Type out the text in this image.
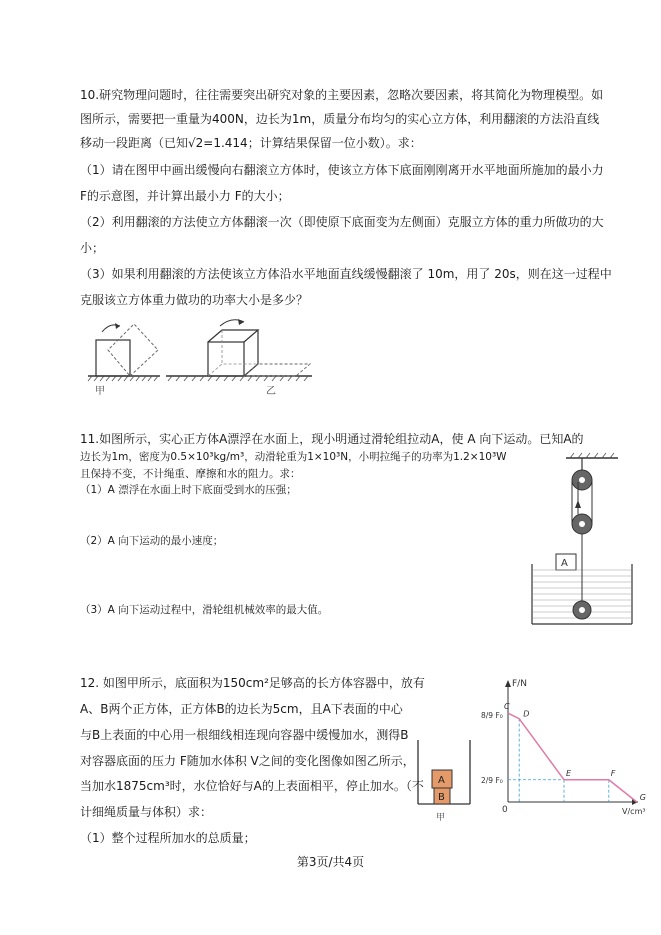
10.研究物理问题时，往往需要突出研究对象的主要因素，忽略次要因素，将其简化为物理模型。如
图所示，需要把一重量为400N，边长为1m，质量分布均匀的实心立方体，利用翻滚的方法沿直线
移动一段距离（已知√2=1.414；计算结果保留一位小数）。求：
（1）请在图甲中画出缓慢向右翻滚立方体时，使该立方体下底面刚刚离开水平地面所施加的最小力
F的示意图，并计算出最小力 F的大小；
（2）利用翻滚的方法使立方体翻滚一次（即使原下底面变为左侧面）克服立方体的重力所做功的大
小；
（3）如果利用翻滚的方法使该立方体沿水平地面直线缓慢翻滚了 10m，用了 20s，则在这一过程中
克服该立方体重力做功的功率大小是多少？
甲	乙
11.如图所示，实心正方体A漂浮在水面上，现小明通过滑轮组拉动A，使 A 向下运动。已知A的
边长为1m，密度为0.5×10³kg/m³，动滑轮重为1×10³N，小明拉绳子的功率为1.2×10³W
且保持不变，不计绳重、摩擦和水的阻力。求：
（1）A 漂浮在水面上时下底面受到水的压强；
（2）A 向下运动的最小速度；
（3）A 向下运动过程中，滑轮组机械效率的最大值。
A
12. 如图甲所示，底面积为150cm²足够高的长方体容器中，放有
A、B两个正方体，正方体B的边长为5cm，且A下表面的中心
与B上表面的中心用一根细线相连现向容器中缓慢加水，测得B
对容器底面的压力 F随加水体积 V之间的变化图像如图乙所示，
当加水1875cm³时，水位恰好与A的上表面相平，停止加水。（不
计细绳质量与体积）求：
（1）整个过程所加水的总质量；
A
B
甲
F/N
V/cm³
0
8/9 F₀
2/9 F₀
C
D
E	F
G
第3页/共4页
